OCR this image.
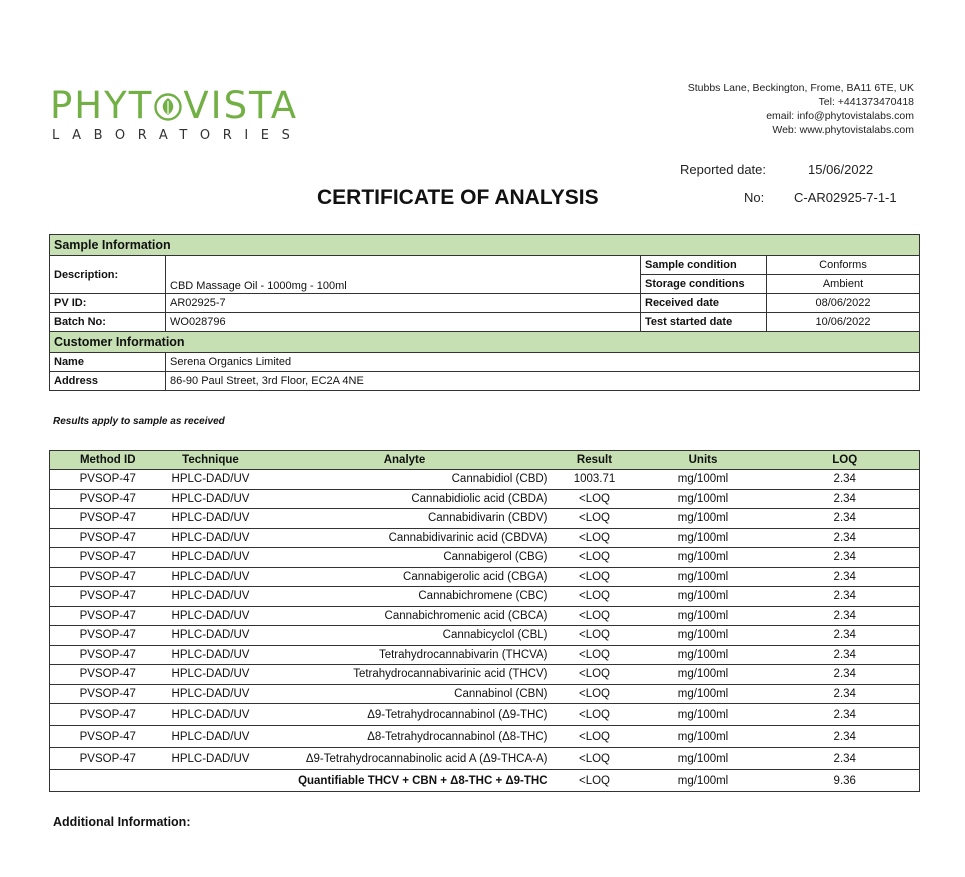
PHYT VISTA
LABORATORIES
Stubbs Lane, Beckington, Frome, BA11 6TE, UK
Tel: +441373470418
email: info@phytovistalabs.com
Web: www.phytovistalabs.com
Reported date:	15/06/2022
No: C-AR02925-7-1-1
CERTIFICATE OF ANALYSIS
Sample Information			
Description:	CBD Massage Oil - 1000mg - 100ml	Sample condition	Conforms
		Storage conditions	Ambient
PV ID:	AR02925-7	Received date	08/06/2022
Batch No:	WO028796	Test started date	10/06/2022
Customer Information			
Name	Serena Organics Limited		
Address	86-90 Paul Street, 3rd Floor, EC2A 4NE		
Results apply to sample as received
Method ID	Technique	Analyte	Result	Units	LOQ
PVSOP-47	HPLC-DAD/UV	Cannabidiol (CBD)	1003.71	mg/100ml	2.34
PVSOP-47	HPLC-DAD/UV	Cannabidiolic acid (CBDA)	<LOQ	mg/100ml	2.34
PVSOP-47	HPLC-DAD/UV	Cannabidivarin (CBDV)	<LOQ	mg/100ml	2.34
PVSOP-47	HPLC-DAD/UV	Cannabidivarinic acid (CBDVA)	<LOQ	mg/100ml	2.34
PVSOP-47	HPLC-DAD/UV	Cannabigerol (CBG)	<LOQ	mg/100ml	2.34
PVSOP-47	HPLC-DAD/UV	Cannabigerolic acid (CBGA)	<LOQ	mg/100ml	2.34
PVSOP-47	HPLC-DAD/UV	Cannabichromene (CBC)	<LOQ	mg/100ml	2.34
PVSOP-47	HPLC-DAD/UV	Cannabichromenic acid (CBCA)	<LOQ	mg/100ml	2.34
PVSOP-47	HPLC-DAD/UV	Cannabicyclol (CBL)	<LOQ	mg/100ml	2.34
PVSOP-47	HPLC-DAD/UV	Tetrahydrocannabivarin (THCVA)	<LOQ	mg/100ml	2.34
PVSOP-47	HPLC-DAD/UV	Tetrahydrocannabivarinic acid (THCV)	<LOQ	mg/100ml	2.34
PVSOP-47	HPLC-DAD/UV	Cannabinol (CBN)	<LOQ	mg/100ml	2.34
PVSOP-47	HPLC-DAD/UV	Δ9-Tetrahydrocannabinol (Δ9-THC)	<LOQ	mg/100ml	2.34
PVSOP-47	HPLC-DAD/UV	Δ8-Tetrahydrocannabinol (Δ8-THC)	<LOQ	mg/100ml	2.34
PVSOP-47	HPLC-DAD/UV	Δ9-Tetrahydrocannabinolic acid A (Δ9-THCA-A)	<LOQ	mg/100ml	2.34
		Quantifiable THCV + CBN + Δ8-THC + Δ9-THC	<LOQ	mg/100ml	9.36
Additional Information:
